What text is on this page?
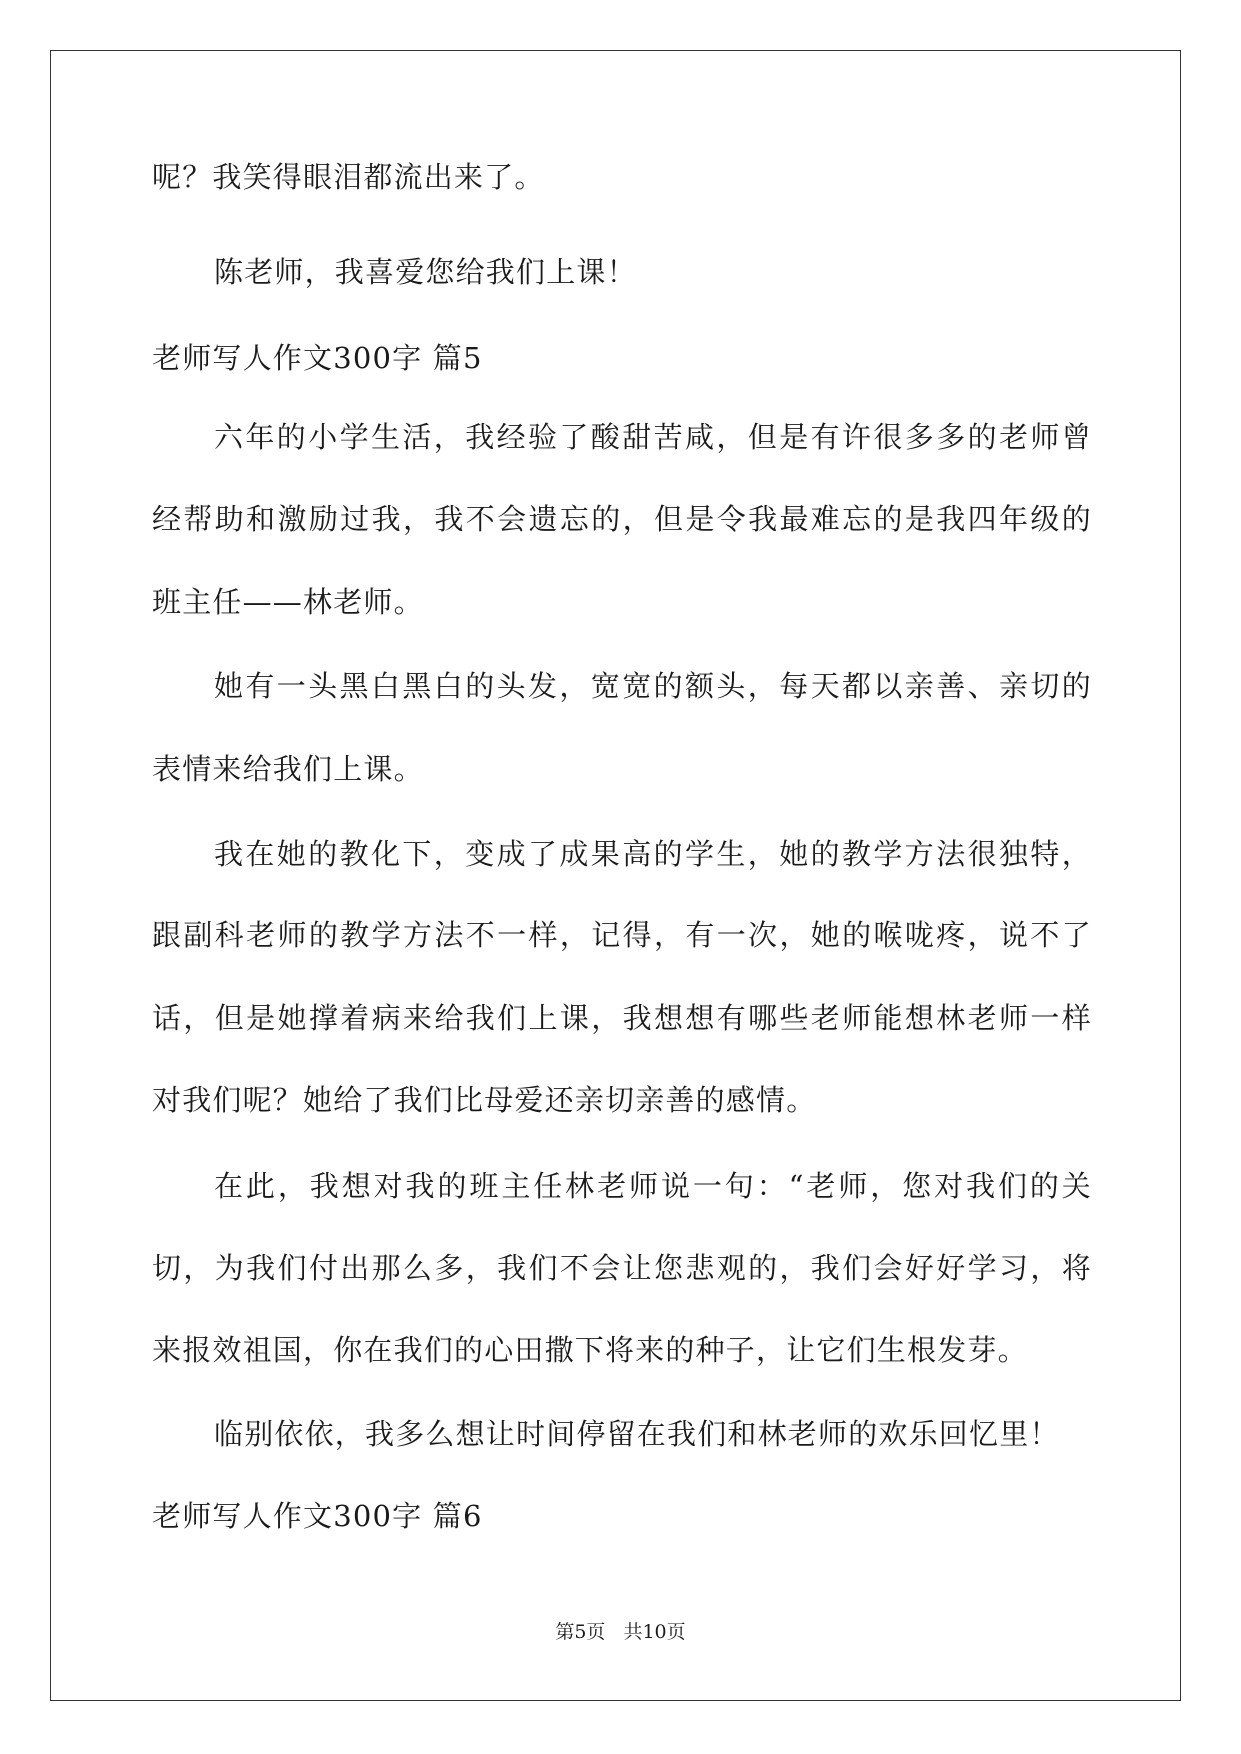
呢？我笑得眼泪都流出来了。
陈老师，我喜爱您给我们上课！
老师写人作文300字 篇5
六年的小学生活，我经验了酸甜苦咸，但是有许很多多的老师曾
经帮助和激励过我，我不会遗忘的，但是令我最难忘的是我四年级的
班主任——林老师。
她有一头黑白黑白的头发，宽宽的额头，每天都以亲善、亲切的
表情来给我们上课。
我在她的教化下，变成了成果高的学生，她的教学方法很独特，
跟副科老师的教学方法不一样，记得，有一次，她的喉咙疼，说不了
话，但是她撑着病来给我们上课，我想想有哪些老师能想林老师一样
对我们呢？她给了我们比母爱还亲切亲善的感情。
在此，我想对我的班主任林老师说一句：“老师，您对我们的关
切，为我们付出那么多，我们不会让您悲观的，我们会好好学习，将
来报效祖国，你在我们的心田撒下将来的种子，让它们生根发芽。
临别依依，我多么想让时间停留在我们和林老师的欢乐回忆里！
老师写人作文300字 篇6
第5页 共10页
